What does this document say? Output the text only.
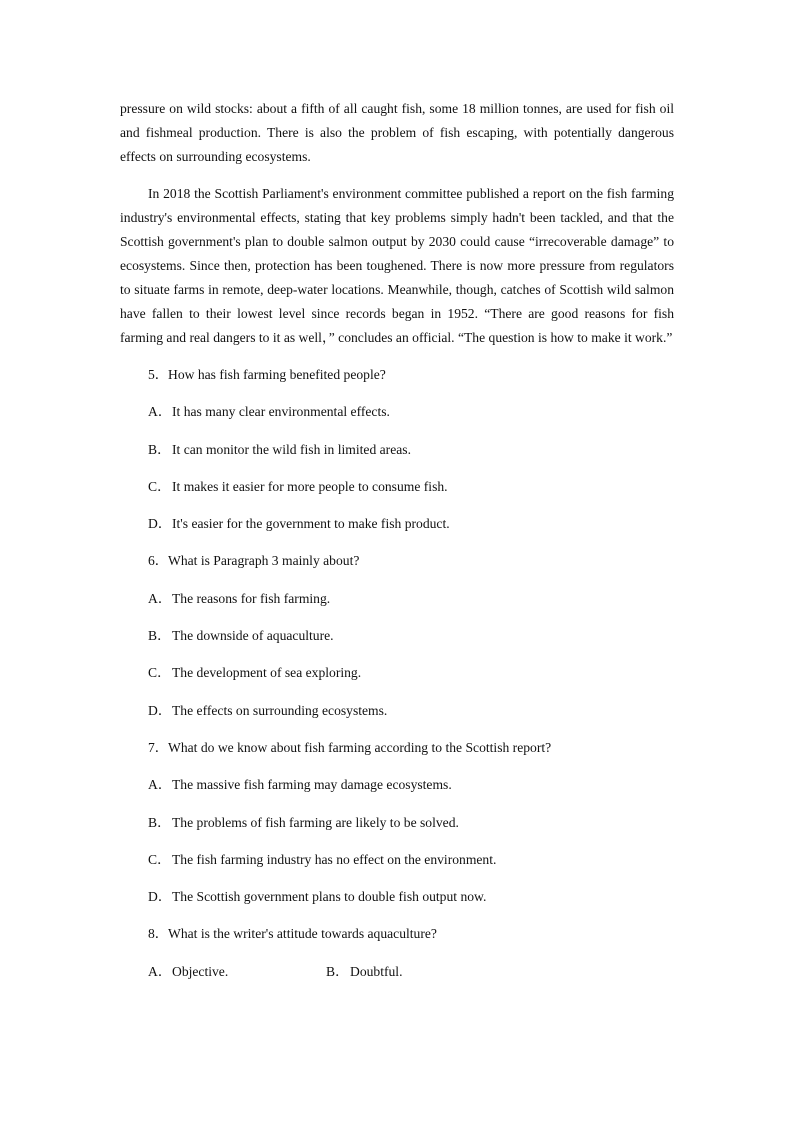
pressure on wild stocks: about a fifth of all caught fish, some 18 million tonnes, are used for fish oil and fishmeal production. There is also the problem of fish escaping, with potentially dangerous effects on surrounding ecosystems.

In 2018 the Scottish Parliament's environment committee published a report on the fish farming industry's environmental effects, stating that key problems simply hadn't been tackled, and that the Scottish government's plan to double salmon output by 2030 could cause “irrecoverable damage” to ecosystems. Since then, protection has been toughened. There is now more pressure from regulators to situate farms in remote, deep-water locations. Meanwhile, though, catches of Scottish wild salmon have fallen to their lowest level since records began in 1952. “There are good reasons for fish farming and real dangers to it as well，” concludes an official. “The question is how to make it work.”

5．How has fish farming benefited people?
A．It has many clear environmental effects.
B．It can monitor the wild fish in limited areas.
C．It makes it easier for more people to consume fish.
D．It's easier for the government to make fish product.
6．What is Paragraph 3 mainly about?
A．The reasons for fish farming.
B．The downside of aquaculture.
C．The development of sea exploring.
D．The effects on surrounding ecosystems.
7．What do we know about fish farming according to the Scottish report?
A．The massive fish farming may damage ecosystems.
B．The problems of fish farming are likely to be solved.
C．The fish farming industry has no effect on the environment.
D．The Scottish government plans to double fish output now.
8．What is the writer's attitude towards aquaculture?
A．Objective.	B．Doubtful.
